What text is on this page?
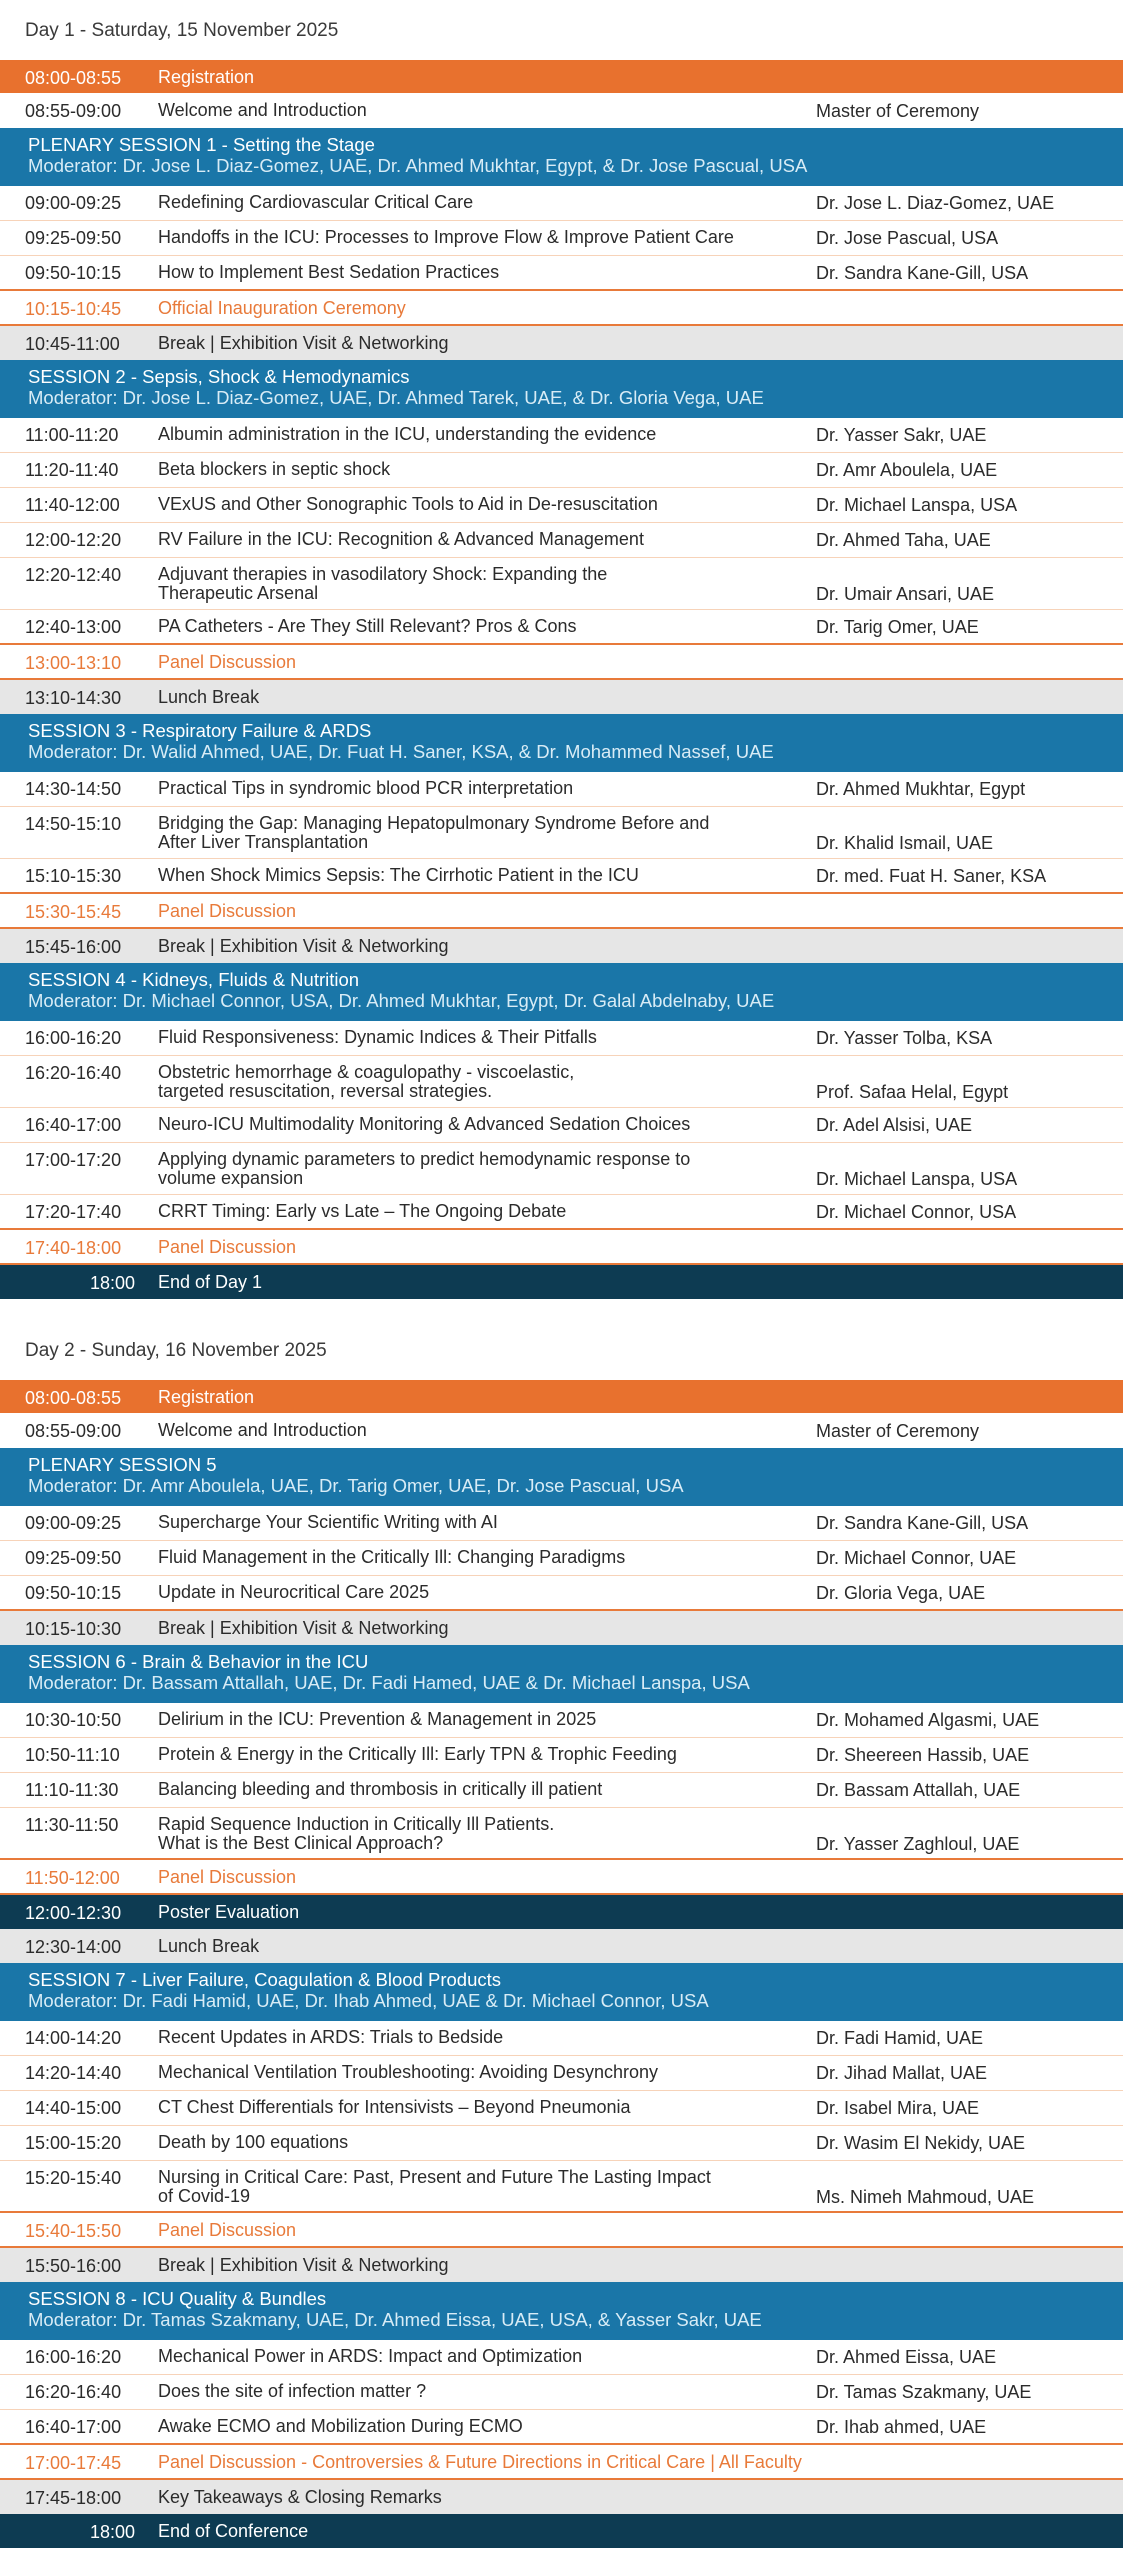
Day 1 - Saturday, 15 November 2025
08:00-08:55 Registration
08:55-09:00 Welcome and Introduction	Master of Ceremony
PLENARY SESSION 1 - Setting the Stage
Moderator: Dr. Jose L. Diaz-Gomez, UAE, Dr. Ahmed Mukhtar, Egypt, & Dr. Jose Pascual, USA
09:00-09:25 Redefining Cardiovascular Critical Care	Dr. Jose L. Diaz-Gomez, UAE
09:25-09:50 Handoffs in the ICU: Processes to Improve Flow & Improve Patient Care	Dr. Jose Pascual, USA
09:50-10:15 How to Implement Best Sedation Practices	Dr. Sandra Kane-Gill, USA
10:15-10:45 Official Inauguration Ceremony
10:45-11:00 Break | Exhibition Visit & Networking
SESSION 2 - Sepsis, Shock & Hemodynamics
Moderator: Dr. Jose L. Diaz-Gomez, UAE, Dr. Ahmed Tarek, UAE, & Dr. Gloria Vega, UAE
11:00-11:20 Albumin administration in the ICU, understanding the evidence	Dr. Yasser Sakr, UAE
11:20-11:40 Beta blockers in septic shock	Dr. Amr Aboulela, UAE
11:40-12:00 VExUS and Other Sonographic Tools to Aid in De-resuscitation	Dr. Michael Lanspa, USA
12:00-12:20 RV Failure in the ICU: Recognition & Advanced Management	Dr. Ahmed Taha, UAE
12:20-12:40 Adjuvant therapies in vasodilatory Shock: Expanding the
Therapeutic Arsenal	Dr. Umair Ansari, UAE
12:40-13:00 PA Catheters - Are They Still Relevant? Pros & Cons	Dr. Tarig Omer, UAE
13:00-13:10 Panel Discussion
13:10-14:30 Lunch Break
SESSION 3 - Respiratory Failure & ARDS
Moderator: Dr. Walid Ahmed, UAE, Dr. Fuat H. Saner, KSA, & Dr. Mohammed Nassef, UAE
14:30-14:50 Practical Tips in syndromic blood PCR interpretation	Dr. Ahmed Mukhtar, Egypt
14:50-15:10 Bridging the Gap: Managing Hepatopulmonary Syndrome Before and
After Liver Transplantation	Dr. Khalid Ismail, UAE
15:10-15:30 When Shock Mimics Sepsis: The Cirrhotic Patient in the ICU	Dr. med. Fuat H. Saner, KSA
15:30-15:45 Panel Discussion
15:45-16:00 Break | Exhibition Visit & Networking
SESSION 4 - Kidneys, Fluids & Nutrition
Moderator: Dr. Michael Connor, USA, Dr. Ahmed Mukhtar, Egypt, Dr. Galal Abdelnaby, UAE
16:00-16:20 Fluid Responsiveness: Dynamic Indices & Their Pitfalls	Dr. Yasser Tolba, KSA
16:20-16:40 Obstetric hemorrhage & coagulopathy - viscoelastic,
targeted resuscitation, reversal strategies.	Prof. Safaa Helal, Egypt
16:40-17:00 Neuro-ICU Multimodality Monitoring & Advanced Sedation Choices	Dr. Adel Alsisi, UAE
17:00-17:20 Applying dynamic parameters to predict hemodynamic response to
volume expansion	Dr. Michael Lanspa, USA
17:20-17:40 CRRT Timing: Early vs Late – The Ongoing Debate	Dr. Michael Connor, USA
17:40-18:00 Panel Discussion
18:00 End of Day 1
Day 2 - Sunday, 16 November 2025
08:00-08:55 Registration
08:55-09:00 Welcome and Introduction	Master of Ceremony
PLENARY SESSION 5
Moderator: Dr. Amr Aboulela, UAE, Dr. Tarig Omer, UAE, Dr. Jose Pascual, USA
09:00-09:25 Supercharge Your Scientific Writing with AI	Dr. Sandra Kane-Gill, USA
09:25-09:50 Fluid Management in the Critically Ill: Changing Paradigms	Dr. Michael Connor, UAE
09:50-10:15 Update in Neurocritical Care 2025	Dr. Gloria Vega, UAE
10:15-10:30 Break | Exhibition Visit & Networking
SESSION 6 - Brain & Behavior in the ICU
Moderator: Dr. Bassam Attallah, UAE, Dr. Fadi Hamed, UAE & Dr. Michael Lanspa, USA
10:30-10:50 Delirium in the ICU: Prevention & Management in 2025	Dr. Mohamed Algasmi, UAE
10:50-11:10 Protein & Energy in the Critically Ill: Early TPN & Trophic Feeding	Dr. Sheereen Hassib, UAE
11:10-11:30 Balancing bleeding and thrombosis in critically ill patient	Dr. Bassam Attallah, UAE
11:30-11:50 Rapid Sequence Induction in Critically Ill Patients.
What is the Best Clinical Approach?	Dr. Yasser Zaghloul, UAE
11:50-12:00 Panel Discussion
12:00-12:30 Poster Evaluation
12:30-14:00 Lunch Break
SESSION 7 - Liver Failure, Coagulation & Blood Products
Moderator: Dr. Fadi Hamid, UAE, Dr. Ihab Ahmed, UAE & Dr. Michael Connor, USA
14:00-14:20 Recent Updates in ARDS: Trials to Bedside	Dr. Fadi Hamid, UAE
14:20-14:40 Mechanical Ventilation Troubleshooting: Avoiding Desynchrony	Dr. Jihad Mallat, UAE
14:40-15:00 CT Chest Differentials for Intensivists – Beyond Pneumonia	Dr. Isabel Mira, UAE
15:00-15:20 Death by 100 equations	Dr. Wasim El Nekidy, UAE
15:20-15:40 Nursing in Critical Care: Past, Present and Future The Lasting Impact
of Covid-19	Ms. Nimeh Mahmoud, UAE
15:40-15:50 Panel Discussion
15:50-16:00 Break | Exhibition Visit & Networking
SESSION 8 - ICU Quality & Bundles
Moderator: Dr. Tamas Szakmany, UAE, Dr. Ahmed Eissa, UAE, USA, & Yasser Sakr, UAE
16:00-16:20 Mechanical Power in ARDS: Impact and Optimization	Dr. Ahmed Eissa, UAE
16:20-16:40 Does the site of infection matter ?	Dr. Tamas Szakmany, UAE
16:40-17:00 Awake ECMO and Mobilization During ECMO	Dr. Ihab ahmed, UAE
17:00-17:45 Panel Discussion - Controversies & Future Directions in Critical Care | All Faculty
17:45-18:00 Key Takeaways & Closing Remarks
18:00 End of Conference
